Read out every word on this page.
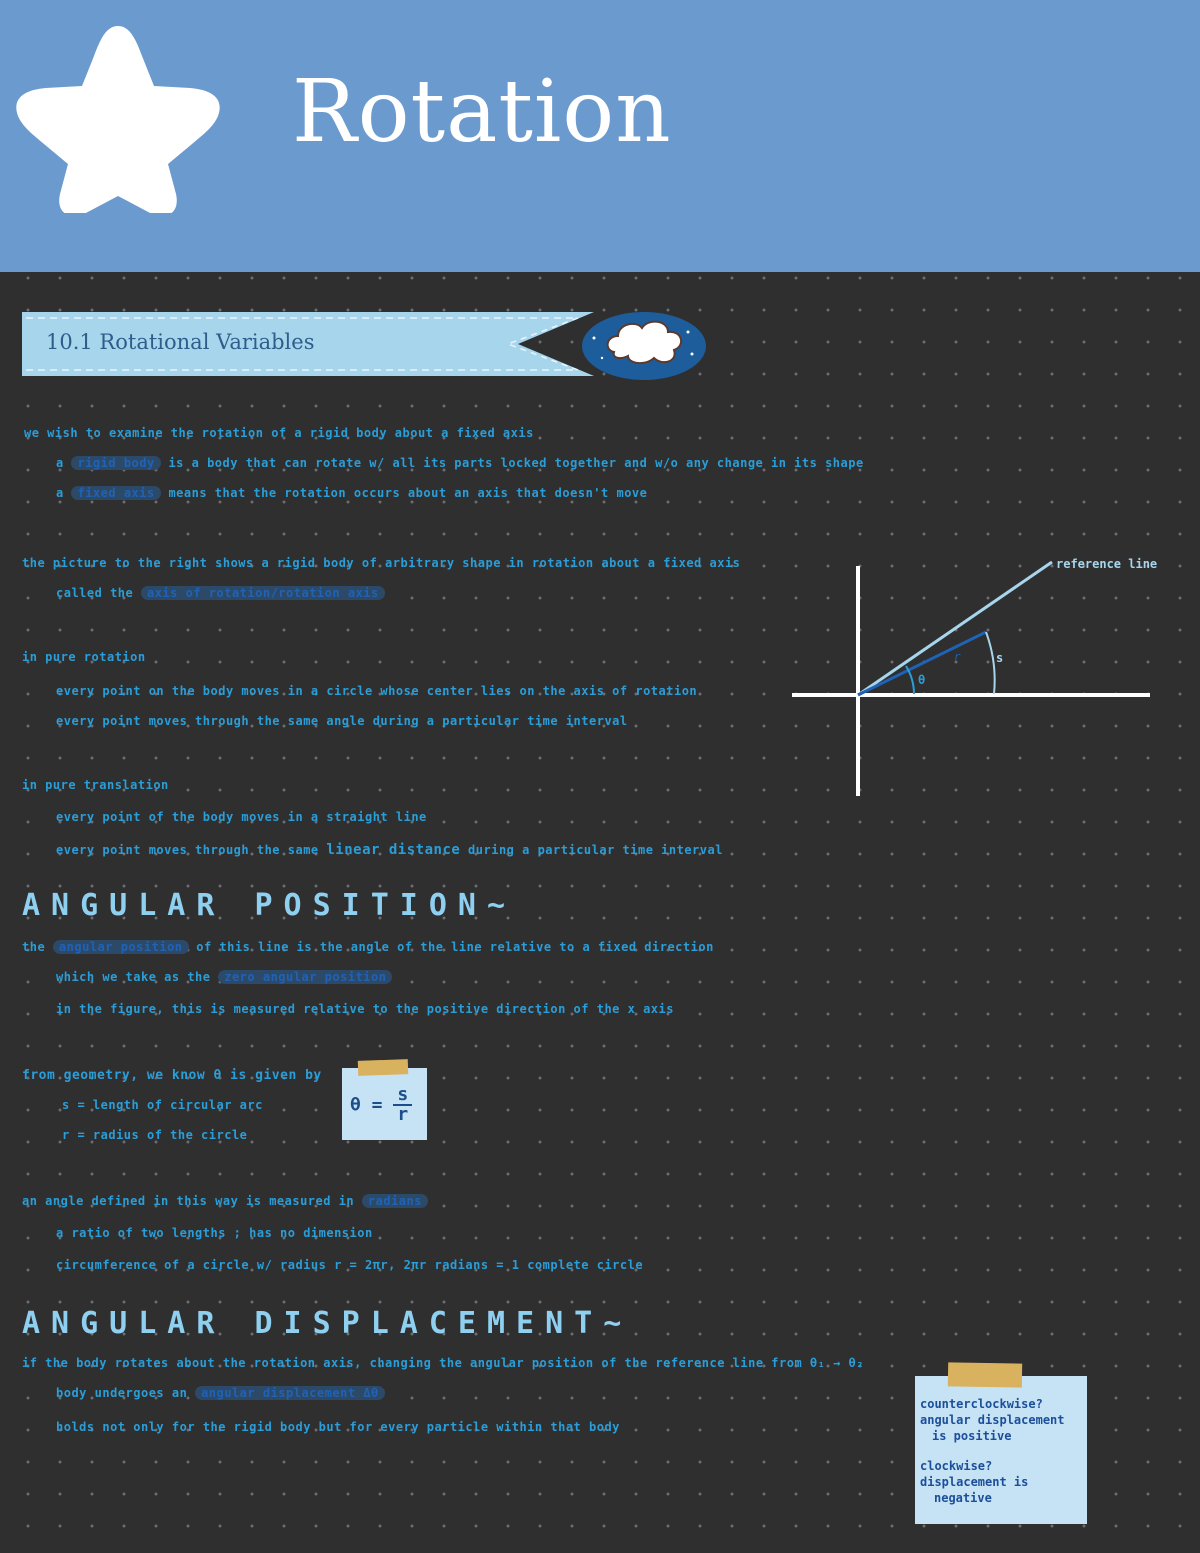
Rotation
10.1 Rotational Variables
we wish to examine the rotation of a rigid body about a fixed axis
a rigid body is a body that can rotate w/ all its parts locked together and w/o any change in its shape
a fixed axis means that the rotation occurs about an axis that doesn't move
the picture to the right shows a rigid body of arbitrary shape in rotation about a fixed axis
called the axis of rotation/rotation axis
in pure rotation
every point on the body moves in a circle whose center lies on the axis of rotation
every point moves through the same angle during a particular time interval
in pure translation
every point of the body moves in a straight line
every point moves through the same linear distance during a particular time interval
reference line
s
r
θ
ANGULAR POSITION~
the angular position of this line is the angle of the line relative to a fixed direction
which we take as the zero angular position
in the figure, this is measured relative to the positive direction of the x axis
from geometry, we know θ is given by
s = length of circular arc
r = radius of the circle
$\theta = \frac{s}{r}$
an angle defined in this way is measured in radians
a ratio of two lengths ; has no dimension
circumference of a circle w/ radius r = 2πr, 2πr radians = 1 complete circle
ANGULAR DISPLACEMENT~
if the body rotates about the rotation axis, changing the angular position of the reference line from θ₁ → θ₂
body undergoes an angular displacement Δθ
holds not only for the rigid body but for every particle within that body
counterclockwise?
angular displacement
is positive
clockwise?
displacement is
negative
